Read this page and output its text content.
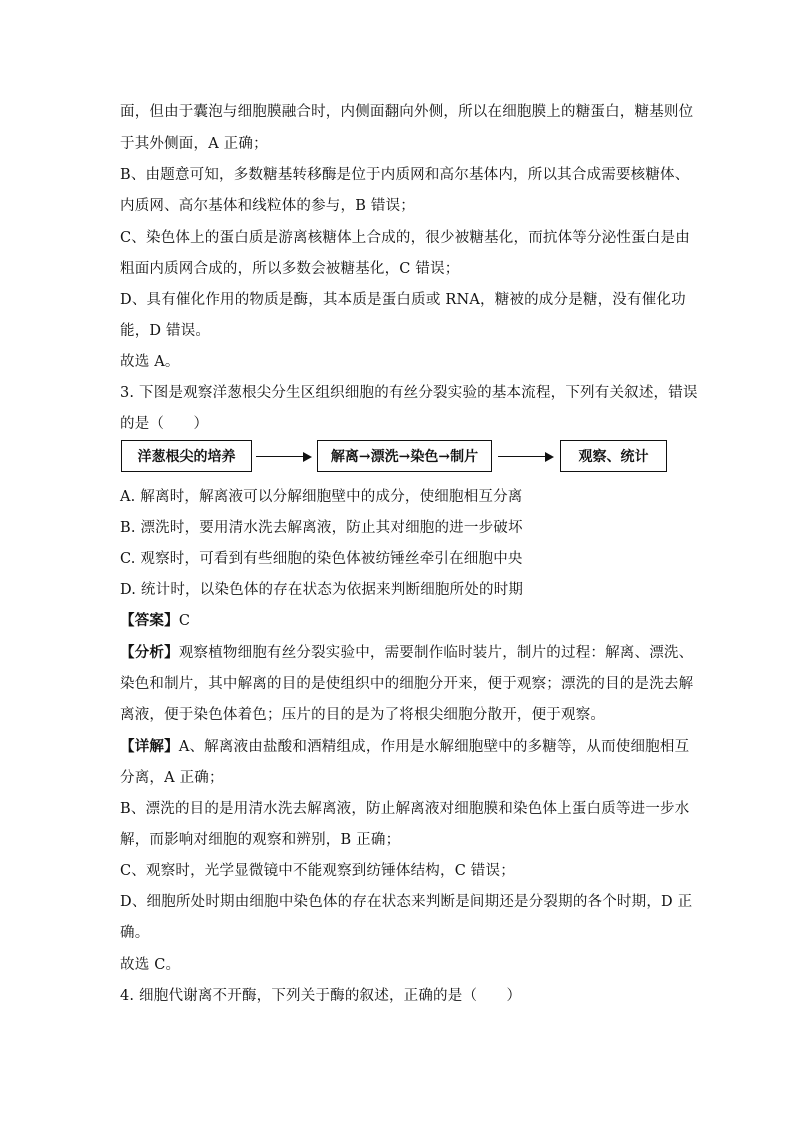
面，但由于囊泡与细胞膜融合时，内侧面翻向外侧，所以在细胞膜上的糖蛋白，糖基则位
于其外侧面，A 正确；
B、由题意可知，多数糖基转移酶是位于内质网和高尔基体内，所以其合成需要核糖体、
内质网、高尔基体和线粒体的参与，B 错误；
C、染色体上的蛋白质是游离核糖体上合成的，很少被糖基化，而抗体等分泌性蛋白是由
粗面内质网合成的，所以多数会被糖基化，C 错误；
D、具有催化作用的物质是酶，其本质是蛋白质或 RNA，糖被的成分是糖，没有催化功
能，D 错误。
故选 A。
3. 下图是观察洋葱根尖分生区组织细胞的有丝分裂实验的基本流程，下列有关叙述，错误
的是（　　）
洋葱根尖的培养	解离→漂洗→染色→制片	观察、统计
A. 解离时，解离液可以分解细胞壁中的成分，使细胞相互分离
B. 漂洗时，要用清水洗去解离液，防止其对细胞的进一步破坏
C. 观察时，可看到有些细胞的染色体被纺锤丝牵引在细胞中央
D. 统计时，以染色体的存在状态为依据来判断细胞所处的时期
【答案】C
【分析】观察植物细胞有丝分裂实验中，需要制作临时装片，制片的过程：解离、漂洗、
染色和制片，其中解离的目的是使组织中的细胞分开来，便于观察；漂洗的目的是洗去解
离液，便于染色体着色；压片的目的是为了将根尖细胞分散开，便于观察。
【详解】A、解离液由盐酸和酒精组成，作用是水解细胞壁中的多糖等，从而使细胞相互
分离，A 正确；
B、漂洗的目的是用清水洗去解离液，防止解离液对细胞膜和染色体上蛋白质等进一步水
解，而影响对细胞的观察和辨别，B 正确；
C、观察时，光学显微镜中不能观察到纺锤体结构，C 错误；
D、细胞所处时期由细胞中染色体的存在状态来判断是间期还是分裂期的各个时期，D 正
确。
故选 C。
4. 细胞代谢离不开酶，下列关于酶的叙述，正确的是（　　）
